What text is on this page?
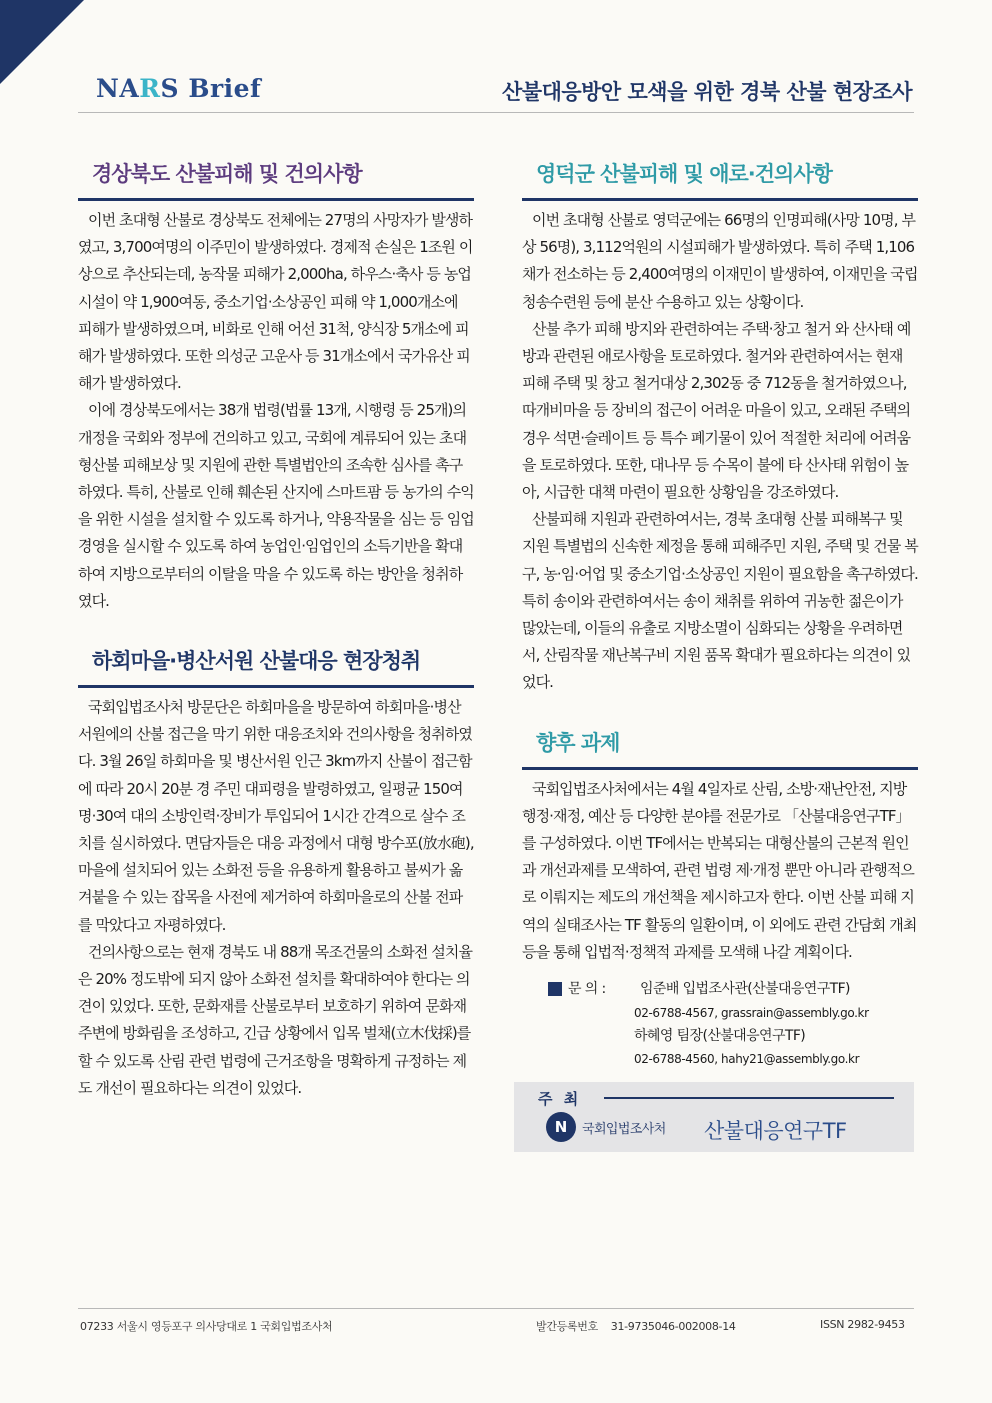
NARS Brief	산불대응방안 모색을 위한 경북 산불 현장조사
경상북도 산불피해 및 건의사항

이번 초대형 산불로 경상북도 전체에는 27명의 사망자가 발생하였고, 3,700여명의 이주민이 발생하였다. 경제적 손실은 1조원 이상으로 추산되는데, 농작물 피해가 2,000ha, 하우스·축사 등 농업시설이 약 1,900여동, 중소기업·소상공인 피해 약 1,000개소에 피해가 발생하였으며, 비화로 인해 어선 31척, 양식장 5개소에 피해가 발생하였다. 또한 의성군 고운사 등 31개소에서 국가유산 피해가 발생하였다.

이에 경상북도에서는 38개 법령(법률 13개, 시행령 등 25개)의 개정을 국회와 정부에 건의하고 있고, 국회에 계류되어 있는 초대형산불 피해보상 및 지원에 관한 특별법안의 조속한 심사를 촉구하였다. 특히, 산불로 인해 훼손된 산지에 스마트팜 등 농가의 수익을 위한 시설을 설치할 수 있도록 하거나, 약용작물을 심는 등 임업경영을 실시할 수 있도록 하여 농업인·임업인의 소득기반을 확대하여 지방으로부터의 이탈을 막을 수 있도록 하는 방안을 청취하였다.

하회마을·병산서원 산불대응 현장청취

국회입법조사처 방문단은 하회마을을 방문하여 하회마을·병산서원에의 산불 접근을 막기 위한 대응조치와 건의사항을 청취하였다. 3월 26일 하회마을 및 병산서원 인근 3km까지 산불이 접근함에 따라 20시 20분 경 주민 대피령을 발령하였고, 일평균 150여명·30여 대의 소방인력·장비가 투입되어 1시간 간격으로 살수 조치를 실시하였다. 면담자들은 대응 과정에서 대형 방수포(放水砲), 마을에 설치되어 있는 소화전 등을 유용하게 활용하고 불씨가 옮겨붙을 수 있는 잡목을 사전에 제거하여 하회마을로의 산불 전파를 막았다고 자평하였다.

건의사항으로는 현재 경북도 내 88개 목조건물의 소화전 설치율은 20% 정도밖에 되지 않아 소화전 설치를 확대하여야 한다는 의견이 있었다. 또한, 문화재를 산불로부터 보호하기 위하여 문화재 주변에 방화림을 조성하고, 긴급 상황에서 입목 벌채(立木伐採)를 할 수 있도록 산림 관련 법령에 근거조항을 명확하게 규정하는 제도 개선이 필요하다는 의견이 있었다.

영덕군 산불피해 및 애로·건의사항

이번 초대형 산불로 영덕군에는 66명의 인명피해(사망 10명, 부상 56명), 3,112억원의 시설피해가 발생하였다. 특히 주택 1,106채가 전소하는 등 2,400여명의 이재민이 발생하여, 이재민을 국립청송수련원 등에 분산 수용하고 있는 상황이다.

산불 추가 피해 방지와 관련하여는 주택·창고 철거 와 산사태 예방과 관련된 애로사항을 토로하였다. 철거와 관련하여서는 현재 피해 주택 및 창고 철거대상 2,302동 중 712동을 철거하였으나, 따개비마을 등 장비의 접근이 어려운 마을이 있고, 오래된 주택의 경우 석면·슬레이트 등 특수 폐기물이 있어 적절한 처리에 어려움을 토로하였다. 또한, 대나무 등 수목이 불에 타 산사태 위험이 높아, 시급한 대책 마련이 필요한 상황임을 강조하였다.

산불피해 지원과 관련하여서는, 경북 초대형 산불 피해복구 및 지원 특별법의 신속한 제정을 통해 피해주민 지원, 주택 및 건물 복구, 농·임·어업 및 중소기업·소상공인 지원이 필요함을 촉구하였다. 특히 송이와 관련하여서는 송이 채취를 위하여 귀농한 젊은이가 많았는데, 이들의 유출로 지방소멸이 심화되는 상황을 우려하면서, 산림작물 재난복구비 지원 품목 확대가 필요하다는 의견이 있었다.

향후 과제

국회입법조사처에서는 4월 4일자로 산림, 소방·재난안전, 지방행정·재정, 예산 등 다양한 분야를 전문가로 「산불대응연구TF」를 구성하였다. 이번 TF에서는 반복되는 대형산불의 근본적 원인과 개선과제를 모색하여, 관련 법령 제·개정 뿐만 아니라 관행적으로 이뤄지는 제도의 개선책을 제시하고자 한다. 이번 산불 피해 지역의 실태조사는 TF 활동의 일환이며, 이 외에도 관련 간담회 개최 등을 통해 입법적·정책적 과제를 모색해 나갈 계획이다.

문 의 :	임준배 입법조사관(산불대응연구TF)
02-6788-4567, grassrain@assembly.go.kr
하혜영 팀장(산불대응연구TF)
02-6788-4560, hahy21@assembly.go.kr
주 최
N	국회입법조사처 산불대응연구TF
07233 서울시 영등포구 의사당대로 1 국회입법조사처	발간등록번호    31-9735046-002008-14	ISSN 2982-9453
